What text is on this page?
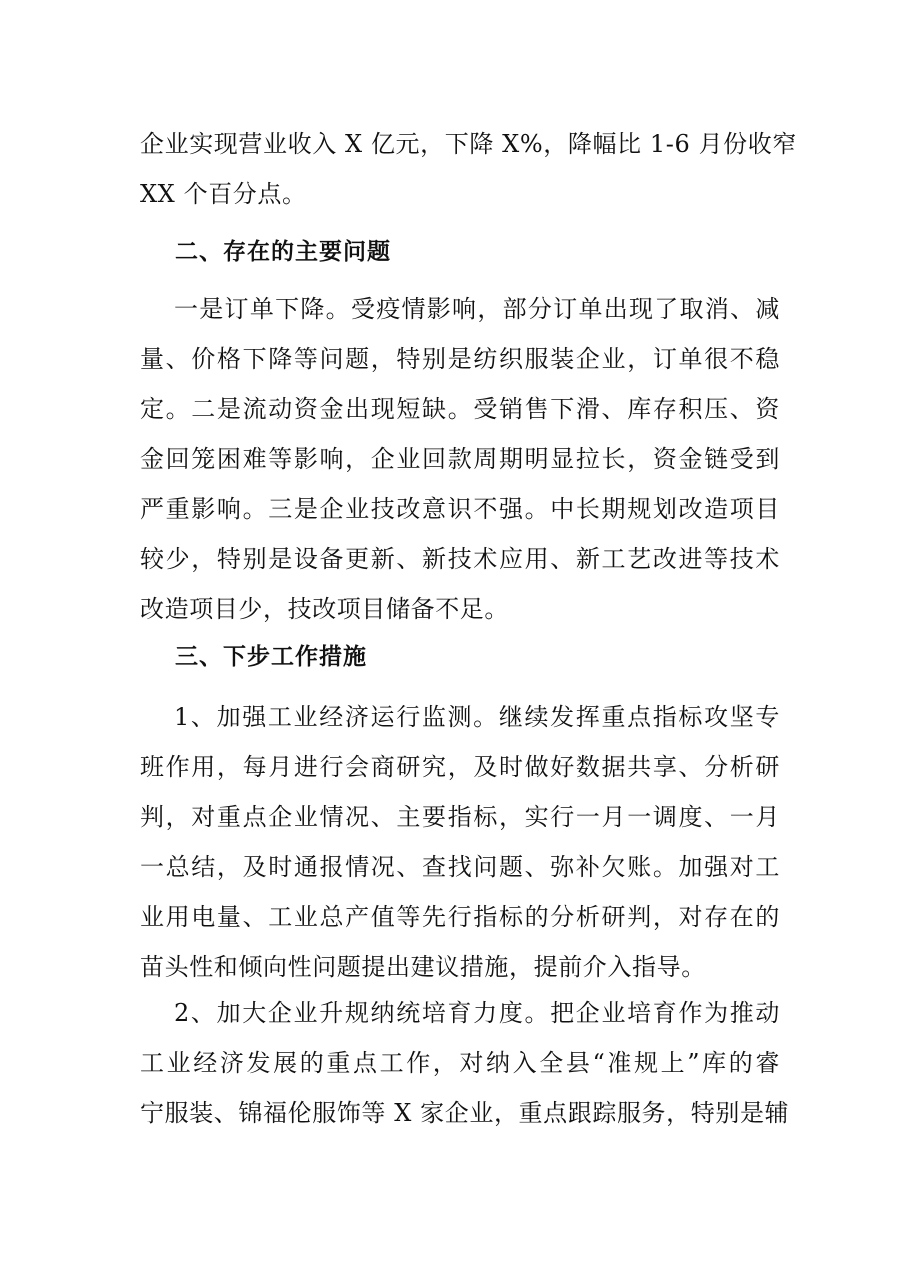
企业实现营业收入 X 亿元，下降 X%，降幅比 1-6 月份收窄
XX 个百分点。
二、存在的主要问题
一是订单下降。受疫情影响，部分订单出现了取消、减
量、价格下降等问题，特别是纺织服装企业，订单很不稳
定。二是流动资金出现短缺。受销售下滑、库存积压、资
金回笼困难等影响，企业回款周期明显拉长，资金链受到
严重影响。三是企业技改意识不强。中长期规划改造项目
较少，特别是设备更新、新技术应用、新工艺改进等技术
改造项目少，技改项目储备不足。
三、下步工作措施
1、加强工业经济运行监测。继续发挥重点指标攻坚专
班作用，每月进行会商研究，及时做好数据共享、分析研
判，对重点企业情况、主要指标，实行一月一调度、一月
一总结，及时通报情况、查找问题、弥补欠账。加强对工
业用电量、工业总产值等先行指标的分析研判，对存在的
苗头性和倾向性问题提出建议措施，提前介入指导。
2、加大企业升规纳统培育力度。把企业培育作为推动
工业经济发展的重点工作，对纳入全县“准规上”库的睿
宁服装、锦福伦服饰等 X 家企业，重点跟踪服务，特别是辅
